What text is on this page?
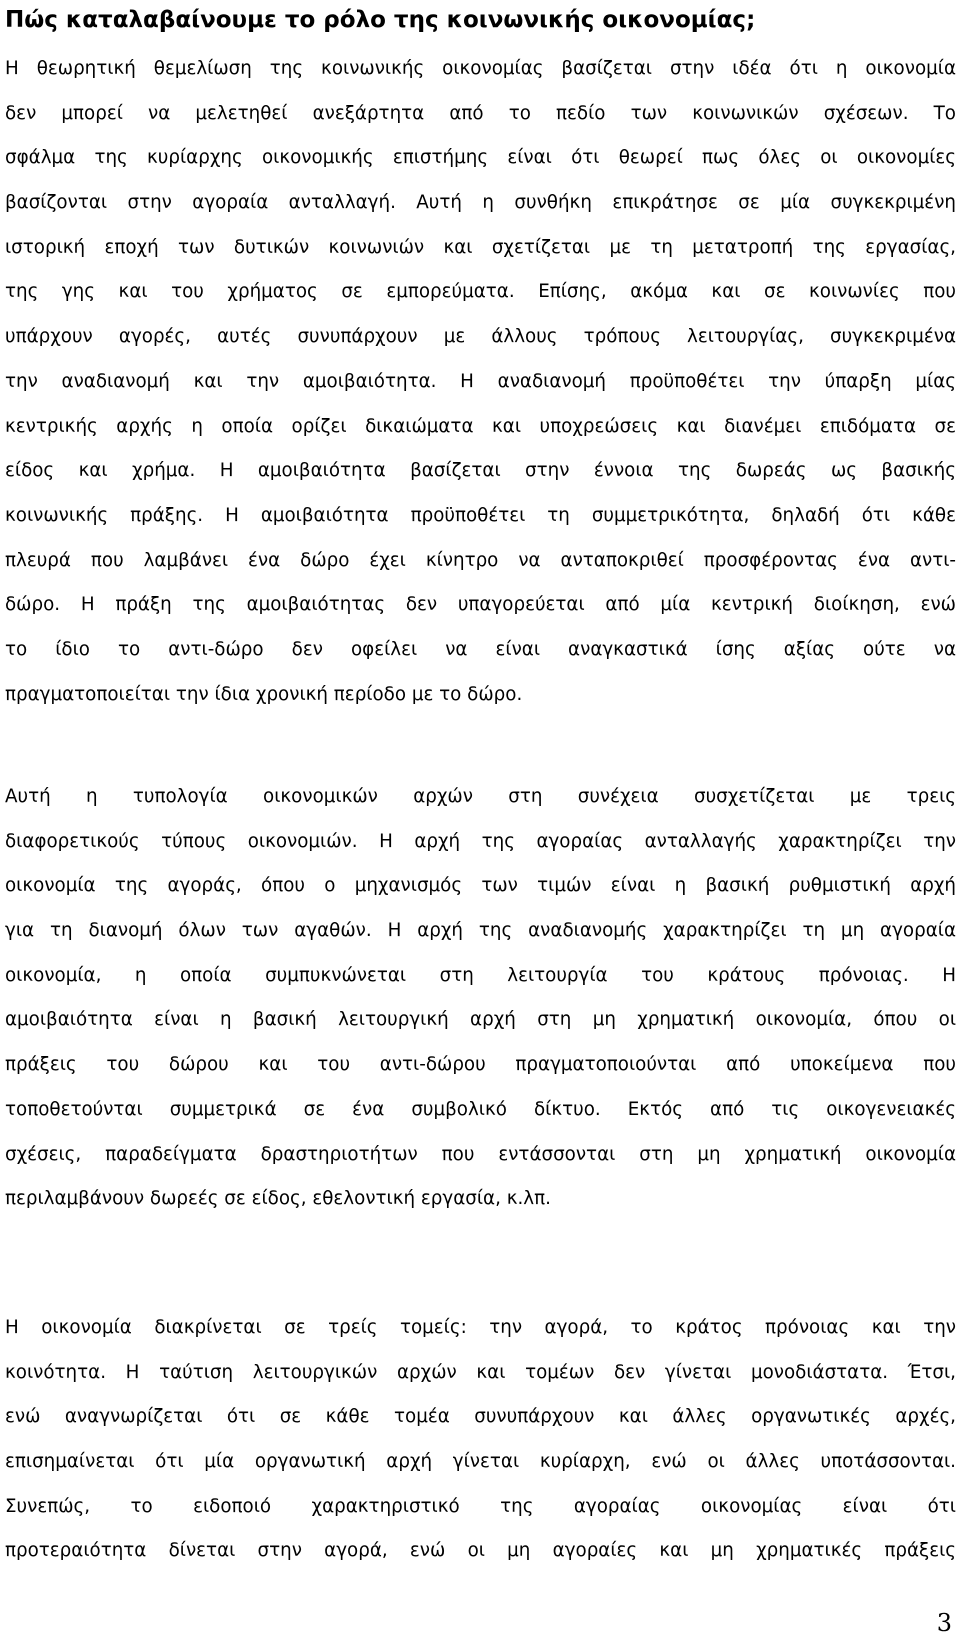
Πώς καταλαβαίνουμε το ρόλο της κοινωνικής οικονομίας;
Η θεωρητική θεμελίωση της κοινωνικής οικονομίας βασίζεται στην ιδέα ότι η οικονομία
δεν μπορεί να μελετηθεί ανεξάρτητα από το πεδίο των κοινωνικών σχέσεων. Το
σφάλμα της κυρίαρχης οικονομικής επιστήμης είναι ότι θεωρεί πως όλες οι οικονομίες
βασίζονται στην αγοραία ανταλλαγή. Αυτή η συνθήκη επικράτησε σε μία συγκεκριμένη
ιστορική εποχή των δυτικών κοινωνιών και σχετίζεται με τη μετατροπή της εργασίας,
της γης και του χρήματος σε εμπορεύματα. Επίσης, ακόμα και σε κοινωνίες που
υπάρχουν αγορές, αυτές συνυπάρχουν με άλλους τρόπους λειτουργίας, συγκεκριμένα
την αναδιανομή και την αμοιβαιότητα. Η αναδιανομή προϋποθέτει την ύπαρξη μίας
κεντρικής αρχής η οποία ορίζει δικαιώματα και υποχρεώσεις και διανέμει επιδόματα σε
είδος και χρήμα. Η αμοιβαιότητα βασίζεται στην έννοια της δωρεάς ως βασικής
κοινωνικής πράξης. Η αμοιβαιότητα προϋποθέτει τη συμμετρικότητα, δηλαδή ότι κάθε
πλευρά που λαμβάνει ένα δώρο έχει κίνητρο να ανταποκριθεί προσφέροντας ένα αντι-
δώρο. Η πράξη της αμοιβαιότητας δεν υπαγορεύεται από μία κεντρική διοίκηση, ενώ
το ίδιο το αντι-δώρο δεν οφείλει να είναι αναγκαστικά ίσης αξίας ούτε να
πραγματοποιείται την ίδια χρονική περίοδο με το δώρο.
Αυτή η τυπολογία οικονομικών αρχών στη συνέχεια συσχετίζεται με τρεις
διαφορετικούς τύπους οικονομιών. Η αρχή της αγοραίας ανταλλαγής χαρακτηρίζει την
οικονομία της αγοράς, όπου ο μηχανισμός των τιμών είναι η βασική ρυθμιστική αρχή
για τη διανομή όλων των αγαθών. Η αρχή της αναδιανομής χαρακτηρίζει τη μη αγοραία
οικονομία, η οποία συμπυκνώνεται στη λειτουργία του κράτους πρόνοιας. Η
αμοιβαιότητα είναι η βασική λειτουργική αρχή στη μη χρηματική οικονομία, όπου οι
πράξεις του δώρου και του αντι-δώρου πραγματοποιούνται από υποκείμενα που
τοποθετούνται συμμετρικά σε ένα συμβολικό δίκτυο. Εκτός από τις οικογενειακές
σχέσεις, παραδείγματα δραστηριοτήτων που εντάσσονται στη μη χρηματική οικονομία
περιλαμβάνουν δωρεές σε είδος, εθελοντική εργασία, κ.λπ.
Η οικονομία διακρίνεται σε τρείς τομείς: την αγορά, το κράτος πρόνοιας και την
κοινότητα. Η ταύτιση λειτουργικών αρχών και τομέων δεν γίνεται μονοδιάστατα. Έτσι,
ενώ αναγνωρίζεται ότι σε κάθε τομέα συνυπάρχουν και άλλες οργανωτικές αρχές,
επισημαίνεται ότι μία οργανωτική αρχή γίνεται κυρίαρχη, ενώ οι άλλες υποτάσσονται.
Συνεπώς, το ειδοποιό χαρακτηριστικό της αγοραίας οικονομίας είναι ότι
προτεραιότητα δίνεται στην αγορά, ενώ οι μη αγοραίες και μη χρηματικές πράξεις
3
